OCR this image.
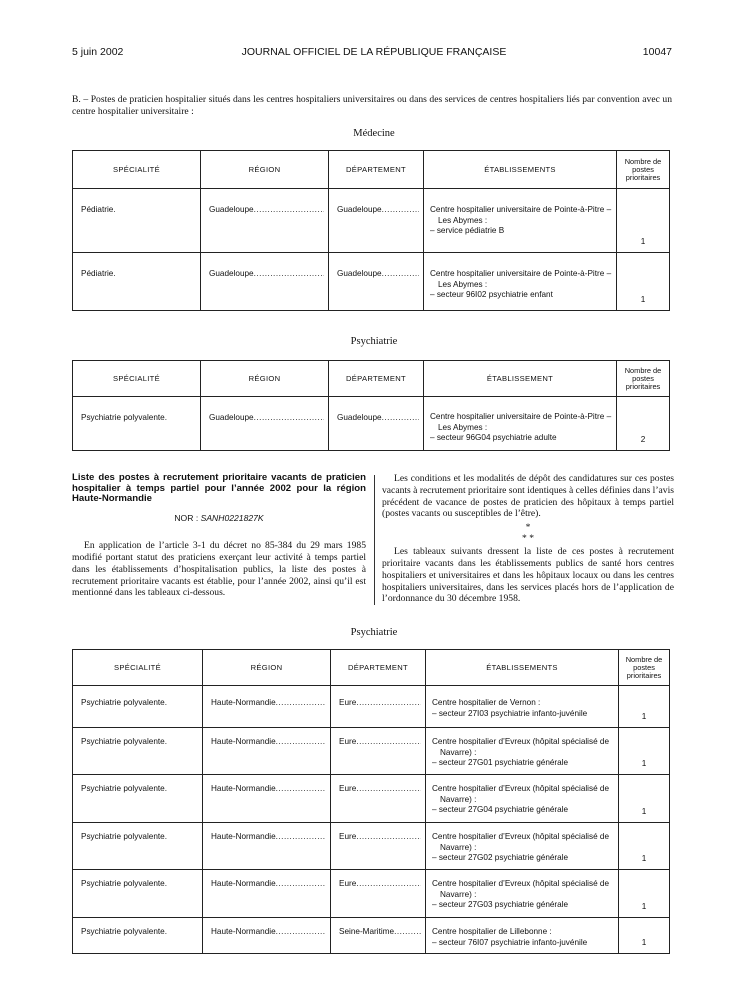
5 juin 2002	JOURNAL OFFICIEL DE LA RÉPUBLIQUE FRANÇAISE	10047
B. – Postes de praticien hospitalier situés dans les centres hospitaliers universitaires ou dans des services de centres hospitaliers liés par convention avec un centre hospitalier universitaire :
Médecine
SPÉCIALITÉ	RÉGION	DÉPARTEMENT	ÉTABLISSEMENTS	Nombre de postes prioritaires

Pédiatrie.	Guadeloupe .....	Guadeloupe .....	Centre hospitalier universitaire de Pointe-à-Pitre –
Les Abymes :
– service pédiatrie B	1

Pédiatrie.	Guadeloupe .....	Guadeloupe .....	Centre hospitalier universitaire de Pointe-à-Pitre –
Les Abymes :
– secteur 96I02 psychiatrie enfant	1
Psychiatrie
SPÉCIALITÉ	RÉGION	DÉPARTEMENT	ÉTABLISSEMENT	Nombre de postes prioritaires

Psychiatrie polyvalente.	Guadeloupe .....	Guadeloupe .....	Centre hospitalier universitaire de Pointe-à-Pitre –
Les Abymes :
– secteur 96G04 psychiatrie adulte	2
Liste des postes à recrutement prioritaire vacants de praticien hospitalier à temps partiel pour l’année 2002 pour la région Haute-Normandie
NOR : SANH0221827K
En application de l’article 3-1 du décret no 85-384 du 29 mars 1985 modifié portant statut des praticiens exerçant leur activité à temps partiel dans les établissements d’hospitalisation publics, la liste des postes à recrutement prioritaire vacants est établie, pour l’année 2002, ainsi qu’il est mentionné dans les tableaux ci-dessous.
Les conditions et les modalités de dépôt des candidatures sur ces postes vacants à recrutement prioritaire sont identiques à celles définies dans l’avis précédent de vacance de postes de praticien des hôpitaux à temps partiel (postes vacants ou susceptibles de l’être).
*
* *
Les tableaux suivants dressent la liste de ces postes à recrutement prioritaire vacants dans les établissements publics de santé hors centres hospitaliers et universitaires et dans les hôpitaux locaux ou dans les centres hospitaliers universitaires, dans les services placés hors de l’application de l’ordonnance du 30 décembre 1958.
Psychiatrie
SPÉCIALITÉ	RÉGION	DÉPARTEMENT	ÉTABLISSEMENTS	Nombre de postes prioritaires

Psychiatrie polyvalente.	Haute-Normandie .....	Eure .....	Centre hospitalier de Vernon :
– secteur 27I03 psychiatrie infanto-juvénile	1

Psychiatrie polyvalente.	Haute-Normandie .....	Eure .....	Centre hospitalier d’Evreux (hôpital spécialisé de
Navarre) :
– secteur 27G01 psychiatrie générale	1

Psychiatrie polyvalente.	Haute-Normandie .....	Eure .....	Centre hospitalier d’Evreux (hôpital spécialisé de
Navarre) :
– secteur 27G04 psychiatrie générale	1

Psychiatrie polyvalente.	Haute-Normandie .....	Eure .....	Centre hospitalier d’Evreux (hôpital spécialisé de
Navarre) :
– secteur 27G02 psychiatrie générale	1

Psychiatrie polyvalente.	Haute-Normandie .....	Eure .....	Centre hospitalier d’Evreux (hôpital spécialisé de
Navarre) :
– secteur 27G03 psychiatrie générale	1

Psychiatrie polyvalente.	Haute-Normandie .....	Seine-Maritime .....	Centre hospitalier de Lillebonne :
– secteur 76I07 psychiatrie infanto-juvénile	1
